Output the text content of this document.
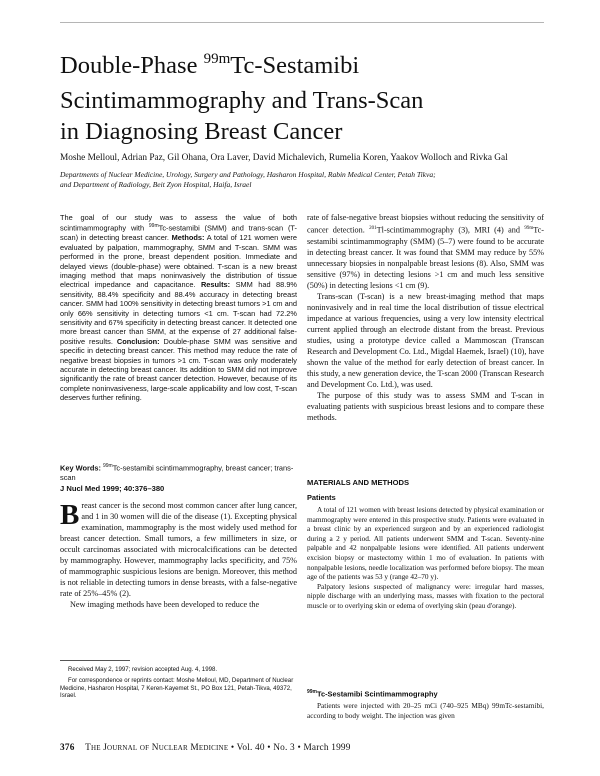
Double-Phase $^{99m}$Tc-Sestamibi
Scintimammography and Trans-Scan
in Diagnosing Breast Cancer

Moshe Melloul, Adrian Paz, Gil Ohana, Ora Laver, David Michalevich, Rumelia Koren, Yaakov Wolloch and Rivka Gal

Departments of Nuclear Medicine, Urology, Surgery and Pathology, Hasharon Hospital, Rabin Medical Center, Petah Tikva;
and Department of Radiology, Beit Zyon Hospital, Haifa, Israel

The goal of our study was to assess the value of both scintimammography with $^{99m}$Tc-sestamibi (SMM) and trans-scan (T-scan) in detecting breast cancer. Methods: A total of 121 women were evaluated by palpation, mammography, SMM and T-scan. SMM was performed in the prone, breast dependent position. Immediate and delayed views (double-phase) were obtained. T-scan is a new breast imaging method that maps noninvasively the distribution of tissue electrical impedance and capacitance. Results: SMM had 88.9% sensitivity, 88.4% specificity and 88.4% accuracy in detecting breast cancer. SMM had 100% sensitivity in detecting breast tumors >1 cm and only 66% sensitivity in detecting tumors <1 cm. T-scan had 72.2% sensitivity and 67% specificity in detecting breast cancer. It detected one more breast cancer than SMM, at the expense of 27 additional false-positive results. Conclusion: Double-phase SMM was sensitive and specific in detecting breast cancer. This method may reduce the rate of negative breast biopsies in tumors >1 cm. T-scan was only moderately accurate in detecting breast cancer. Its addition to SMM did not improve significantly the rate of breast cancer detection. However, because of its complete noninvasiveness, large-scale applicability and low cost, T-scan deserves further refining.

Key Words: $^{99m}$Tc-sestamibi scintimammography, breast cancer; trans-scan

J Nucl Med 1999; 40:376–380

Breast cancer is the second most common cancer after lung cancer, and 1 in 30 women will die of the disease (1). Excepting physical examination, mammography is the most widely used method for breast cancer detection. Small tumors, a few millimeters in size, or occult carcinomas associated with microcalcifications can be detected by mammography. However, mammography lacks specificity, and 75% of mammographic suspicious lesions are benign. Moreover, this method is not reliable in detecting tumors in dense breasts, with a false-negative rate of 25%–45% (2).

New imaging methods have been developed to reduce the

Received May 2, 1997; revision accepted Aug. 4, 1998.

For correspondence or reprints contact: Moshe Melloul, MD, Department of Nuclear Medicine, Hasharon Hospital, 7 Keren-Kayemet St., PO Box 121, Petah-Tikva, 49372, Israel.

rate of false-negative breast biopsies without reducing the sensitivity of cancer detection. $^{201}$Tl-scintimammography (3), MRI (4) and $^{99m}$Tc-sestamibi scintimammography (SMM) (5–7) were found to be accurate in detecting breast cancer. It was found that SMM may reduce by 55% unnecessary biopsies in nonpalpable breast lesions (8). Also, SMM was sensitive (97%) in detecting lesions >1 cm and much less sensitive (50%) in detecting lesions <1 cm (9).

Trans-scan (T-scan) is a new breast-imaging method that maps noninvasively and in real time the local distribution of tissue electrical impedance at various frequencies, using a very low intensity electrical current applied through an electrode distant from the breast. Previous studies, using a prototype device called a Mammoscan (Transcan Research and Development Co. Ltd., Migdal Haemek, Israel) (10), have shown the value of the method for early detection of breast cancer. In this study, a new generation device, the T-scan 2000 (Transcan Research and Development Co. Ltd.), was used.

The purpose of this study was to assess SMM and T-scan in evaluating patients with suspicious breast lesions and to compare these methods.

MATERIALS AND METHODS

Patients

A total of 121 women with breast lesions detected by physical examination or mammography were entered in this prospective study. Patients were evaluated in a breast clinic by an experienced surgeon and by an experienced radiologist during a 2 y period. All patients underwent SMM and T-scan. Seventy-nine palpable and 42 nonpalpable lesions were identified. All patients underwent excision biopsy or mastectomy within 1 mo of evaluation. In patients with nonpalpable lesions, needle localization was performed before biopsy. The mean age of the patients was 53 y (range 42–70 y).

Palpatory lesions suspected of malignancy were: irregular hard masses, nipple discharge with an underlying mass, masses with fixation to the pectoral muscle or to overlying skin or edema of overlying skin (peau d'orange).

$^{99m}$Tc-Sestamibi Scintimammography

Patients were injected with 20–25 mCi (740–925 MBq) 99mTc-sestamibi, according to body weight. The injection was given

376 The Journal of Nuclear Medicine • Vol. 40 • No. 3 • March 1999
